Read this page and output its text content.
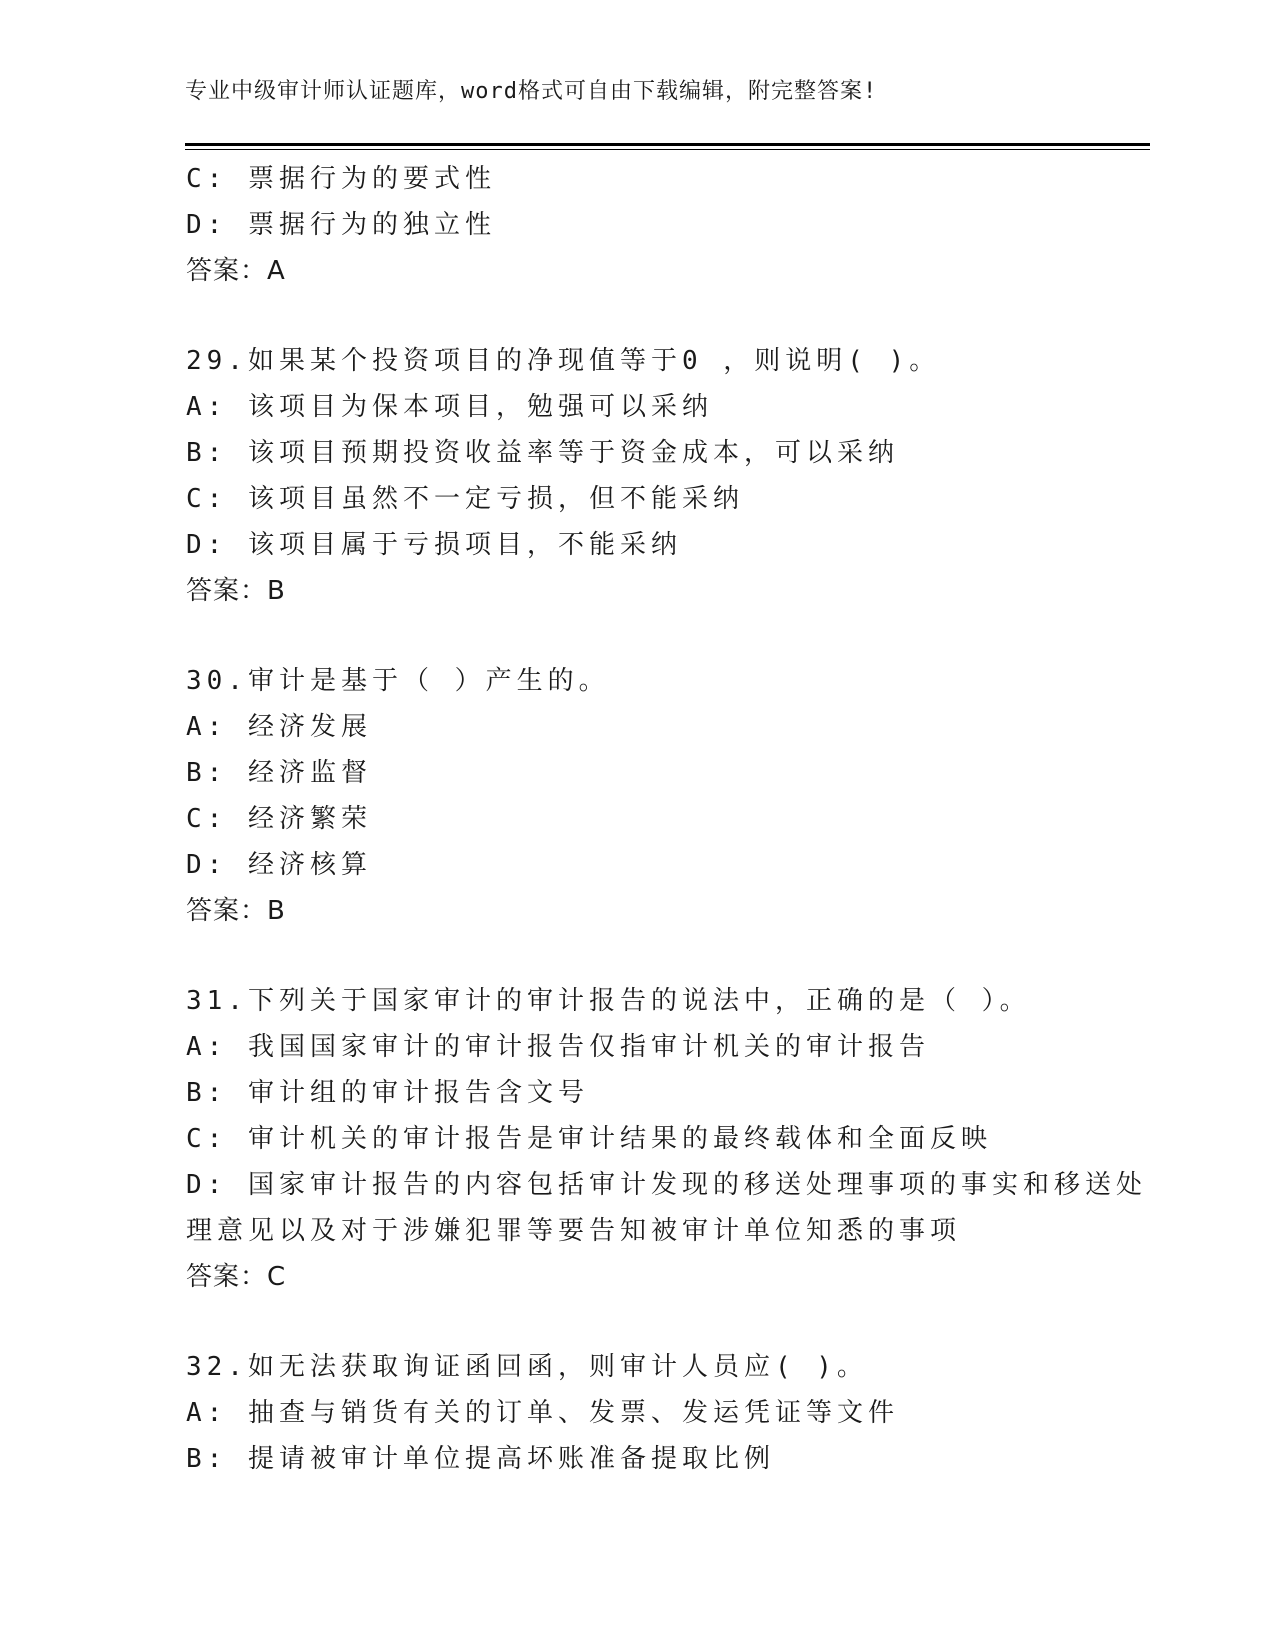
专业中级审计师认证题库，word格式可自由下载编辑，附完整答案!
C: 票据行为的要式性
D: 票据行为的独立性
答案：A
29.如果某个投资项目的净现值等于0 ，则说明( )。
A: 该项目为保本项目，勉强可以采纳
B: 该项目预期投资收益率等于资金成本，可以采纳
C: 该项目虽然不一定亏损，但不能采纳
D: 该项目属于亏损项目，不能采纳
答案：B
30.审计是基于（ ）产生的。
A: 经济发展
B: 经济监督
C: 经济繁荣
D: 经济核算
答案：B
31.下列关于国家审计的审计报告的说法中，正确的是（ ）。
A: 我国国家审计的审计报告仅指审计机关的审计报告
B: 审计组的审计报告含文号
C: 审计机关的审计报告是审计结果的最终载体和全面反映
D: 国家审计报告的内容包括审计发现的移送处理事项的事实和移送处
理意见以及对于涉嫌犯罪等要告知被审计单位知悉的事项
答案：C
32.如无法获取询证函回函，则审计人员应( )。
A: 抽查与销货有关的订单、发票、发运凭证等文件
B: 提请被审计单位提高坏账准备提取比例
